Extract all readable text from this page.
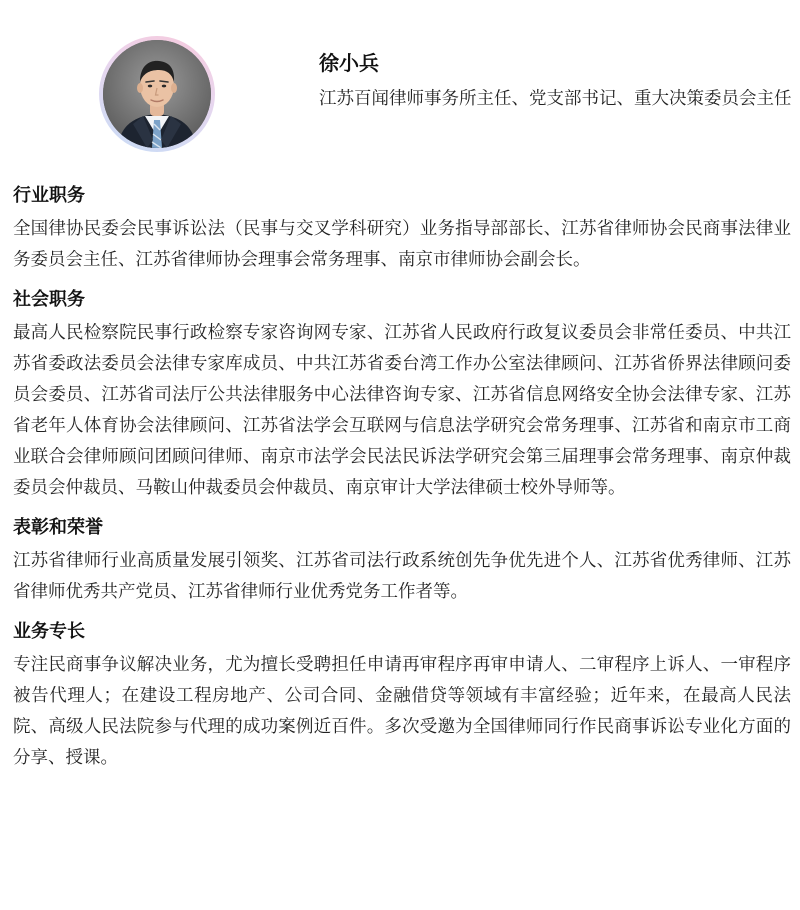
徐小兵
江苏百闻律师事务所主任、党支部书记、重大决策委员会主任
行业职务
全国律协民委会民事诉讼法（民事与交叉学科研究）业务指导部部长、江苏省律师协会民商事法律业务委员会主任、江苏省律师协会理事会常务理事、南京市律师协会副会长。
社会职务
最高人民检察院民事行政检察专家咨询网专家、江苏省人民政府行政复议委员会非常任委员、中共江苏省委政法委员会法律专家库成员、中共江苏省委台湾工作办公室法律顾问、江苏省侨界法律顾问委员会委员、江苏省司法厅公共法律服务中心法律咨询专家、江苏省信息网络安全协会法律专家、江苏省老年人体育协会法律顾问、江苏省法学会互联网与信息法学研究会常务理事、江苏省和南京市工商业联合会律师顾问团顾问律师、南京市法学会民法民诉法学研究会第三届理事会常务理事、南京仲裁委员会仲裁员、马鞍山仲裁委员会仲裁员、南京审计大学法律硕士校外导师等。
表彰和荣誉
江苏省律师行业高质量发展引领奖、江苏省司法行政系统创先争优先进个人、江苏省优秀律师、江苏省律师优秀共产党员、江苏省律师行业优秀党务工作者等。
业务专长
专注民商事争议解决业务，尤为擅长受聘担任申请再审程序再审申请人、二审程序上诉人、一审程序被告代理人；在建设工程房地产、公司合同、金融借贷等领域有丰富经验；近年来，在最高人民法院、高级人民法院参与代理的成功案例近百件。多次受邀为全国律师同行作民商事诉讼专业化方面的分享、授课。
